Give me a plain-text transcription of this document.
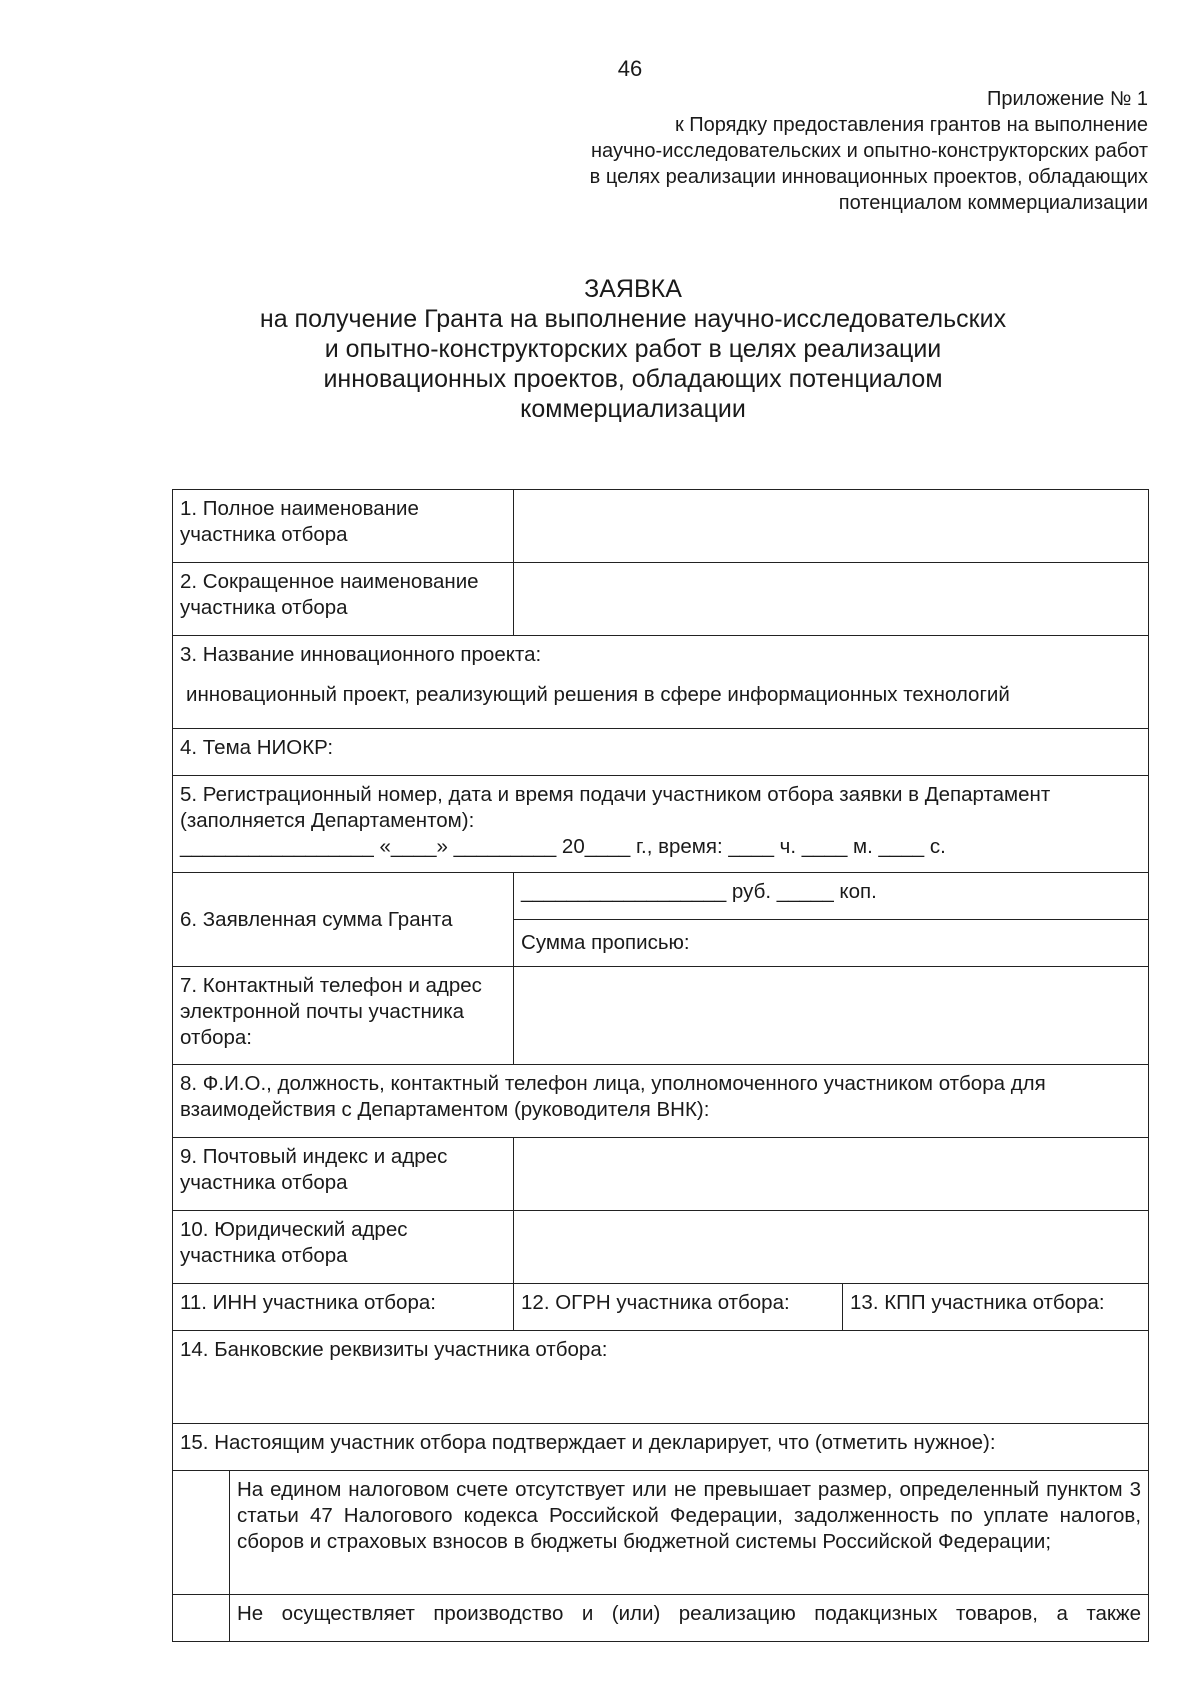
46
Приложение № 1
к Порядку предоставления грантов на выполнение
научно-исследовательских и опытно-конструкторских работ
в целях реализации инновационных проектов, обладающих
потенциалом коммерциализации
ЗАЯВКА
на получение Гранта на выполнение научно-исследовательских
и опытно-конструкторских работ в целях реализации
инновационных проектов, обладающих потенциалом
коммерциализации
1. Полное наименование
участника отбора			

2. Сокращенное наименование
участника отбора			

3. Название инновационного проекта:
инновационный проект, реализующий решения в сфере информационных технологий			

4. Тема НИОКР:			

5. Регистрационный номер, дата и время подачи участником отбора заявки в Департамент
(заполняется Департаментом):
_________________ «____» _________ 20____ г., время: ____ ч. ____ м. ____ с.			

6. Заявленная сумма Гранта		__________________ руб. _____ коп.	

		Сумма прописью:	

7. Контактный телефон и адрес
электронной почты участника
отбора:			

8. Ф.И.О., должность, контактный телефон лица, уполномоченного участником отбора для
взаимодействия с Департаментом (руководителя ВНК):			

9. Почтовый индекс и адрес
участника отбора			

10. Юридический адрес
участника отбора			

11. ИНН участника отбора:		12. ОГРН участника отбора:	13. КПП участника отбора:

14. Банковские реквизиты участника отбора:			

15. Настоящим участник отбора подтверждает и декларирует, что (отметить нужное):			

	На едином налоговом счете отсутствует или не превышает размер, определенный пунктом 3 статьи 47 Налогового кодекса Российской Федерации, задолженность по уплате налогов, сборов и страховых взносов в бюджеты бюджетной системы Российской Федерации;		

	Не осуществляет производство и (или) реализацию подакцизных товаров, а также		
